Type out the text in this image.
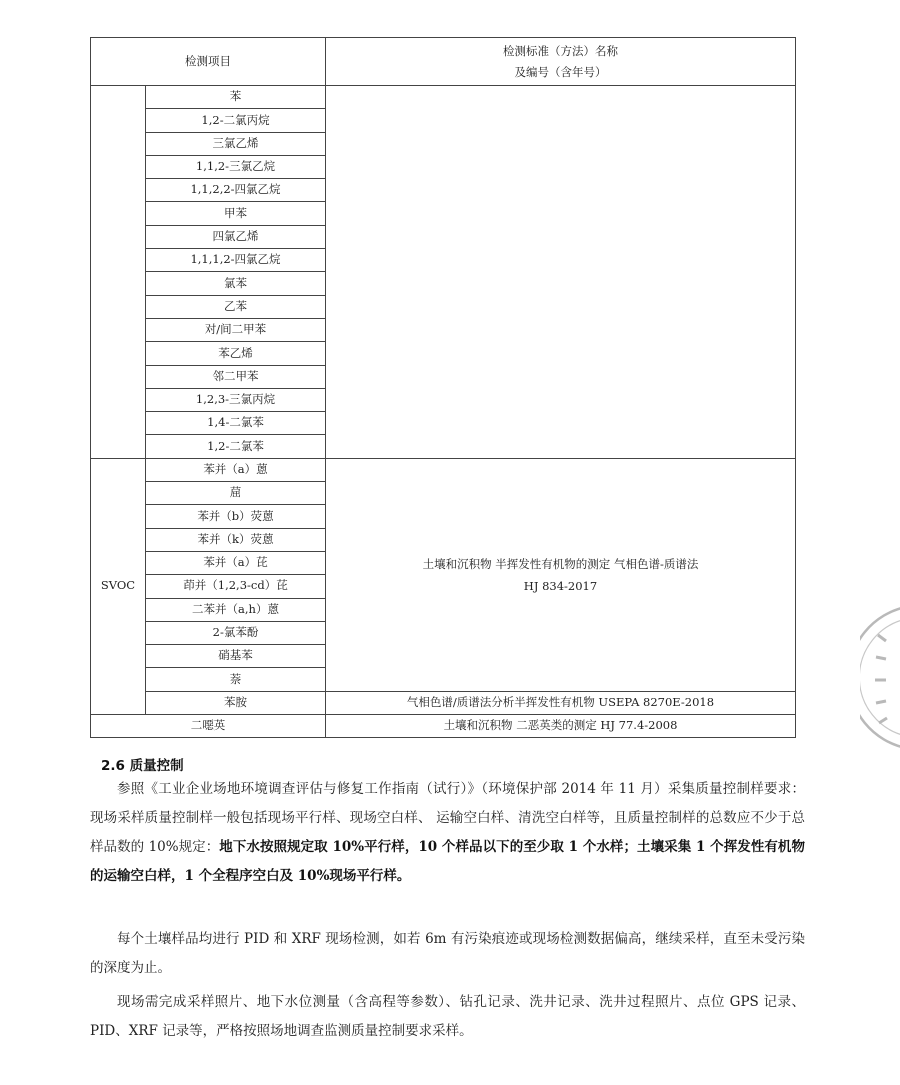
检测项目		检测标准（方法）名称
及编号（含年号）

	苯	
	1,2-二氯丙烷	
	三氯乙烯	
	1,1,2-三氯乙烷	
	1,1,2,2-四氯乙烷	
	甲苯	
	四氯乙烯	
	1,1,1,2-四氯乙烷	
	氯苯	
	乙苯	
	对/间二甲苯	
	苯乙烯	
	邻二甲苯	
	1,2,3-三氯丙烷	
	1,4-二氯苯	
	1,2-二氯苯	
SVOC	苯并（a）蒽	土壤和沉积物 半挥发性有机物的测定 气相色谱-质谱法
HJ 834-2017

	䓛	
	苯并（b）荧蒽	
	苯并（k）荧蒽	
	苯并（a）芘	
	茚并（1,2,3-cd）芘	
	二苯并（a,h）蒽	
	2-氯苯酚	
	硝基苯	
	萘	
	苯胺	气相色谱/质谱法分析半挥发性有机物 USEPA 8270E-2018
二噁英		土壤和沉积物 二恶英类的测定 HJ 77.4-2008
2.6 质量控制

参照《工业企业场地环境调查评估与修复工作指南（试行）》（环境保护部 2014 年 11 月）采集质量控制样要求：现场采样质量控制样一般包括现场平行样、现场空白样、 运输空白样、清洗空白样等，且质量控制样的总数应不少于总样品数的 10%规定：地下水按照规定取 10%平行样，10 个样品以下的至少取 1 个水样；土壤采集 1 个挥发性有机物的运输空白样，1 个全程序空白及 10%现场平行样。

每个土壤样品均进行 PID 和 XRF 现场检测，如若 6m 有污染痕迹或现场检测数据偏高，继续采样，直至未受污染的深度为止。

现场需完成采样照片、地下水位测量（含高程等参数）、钻孔记录、洗井记录、洗井过程照片、点位 GPS 记录、PID、XRF 记录等，严格按照场地调查监测质量控制要求采样。
